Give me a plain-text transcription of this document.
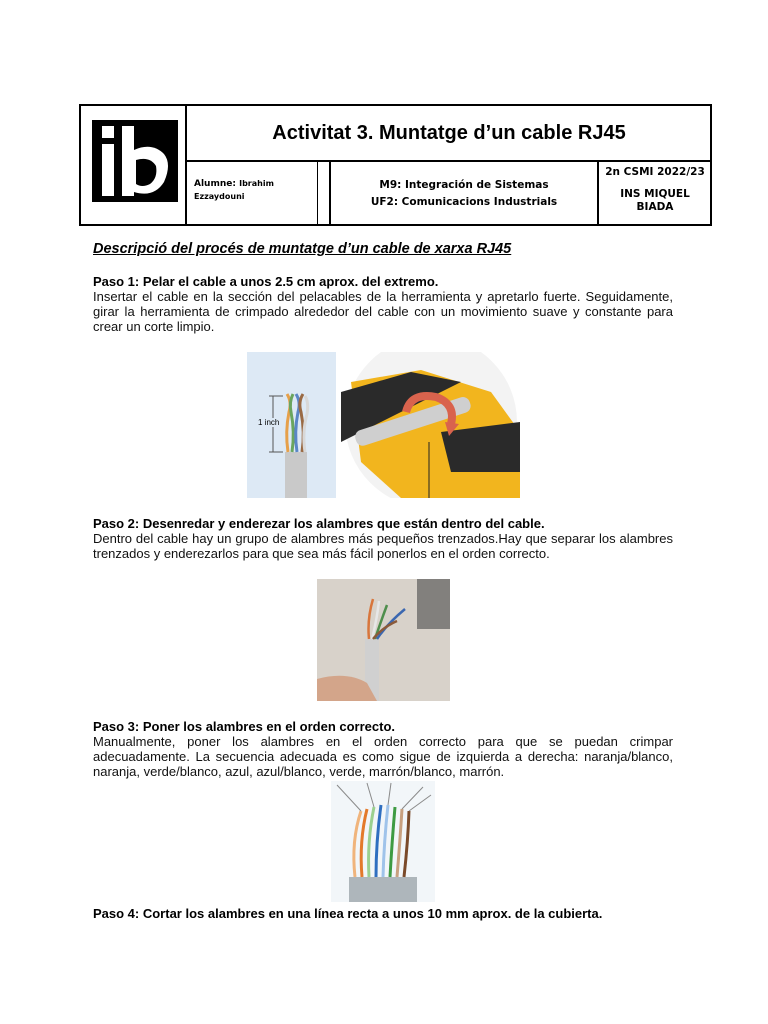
Activitat 3. Muntatge d’un cable RJ45
Alumne: Ibrahim
Ezzaydouni
M9: Integración de Sistemas
UF2: Comunicacions Industrials
2n CSMI 2022/23
INS MIQUEL
BIADA
Descripció del procés de muntatge d’un cable de xarxa RJ45
Paso 1: Pelar el cable a unos 2.5 cm aprox. del extremo.
Insertar el cable en la sección del pelacables de la herramienta y apretarlo fuerte. Seguidamente, girar la herramienta de crimpado alrededor del cable con un movimiento suave y constante para crear un corte limpio.
1 inch
Paso 2: Desenredar y enderezar los alambres que están dentro del cable.
Dentro del cable hay un grupo de alambres más pequeños trenzados.Hay que separar los alambres trenzados y enderezarlos para que sea más fácil ponerlos en el orden correcto.
Paso 3: Poner los alambres en el orden correcto.
Manualmente, poner los alambres en el orden correcto para que se puedan crimpar adecuadamente. La secuencia adecuada es como sigue de izquierda a derecha: naranja/blanco, naranja, verde/blanco, azul, azul/blanco, verde, marrón/blanco, marrón.
Paso 4: Cortar los alambres en una línea recta a unos 10 mm aprox. de la cubierta.
